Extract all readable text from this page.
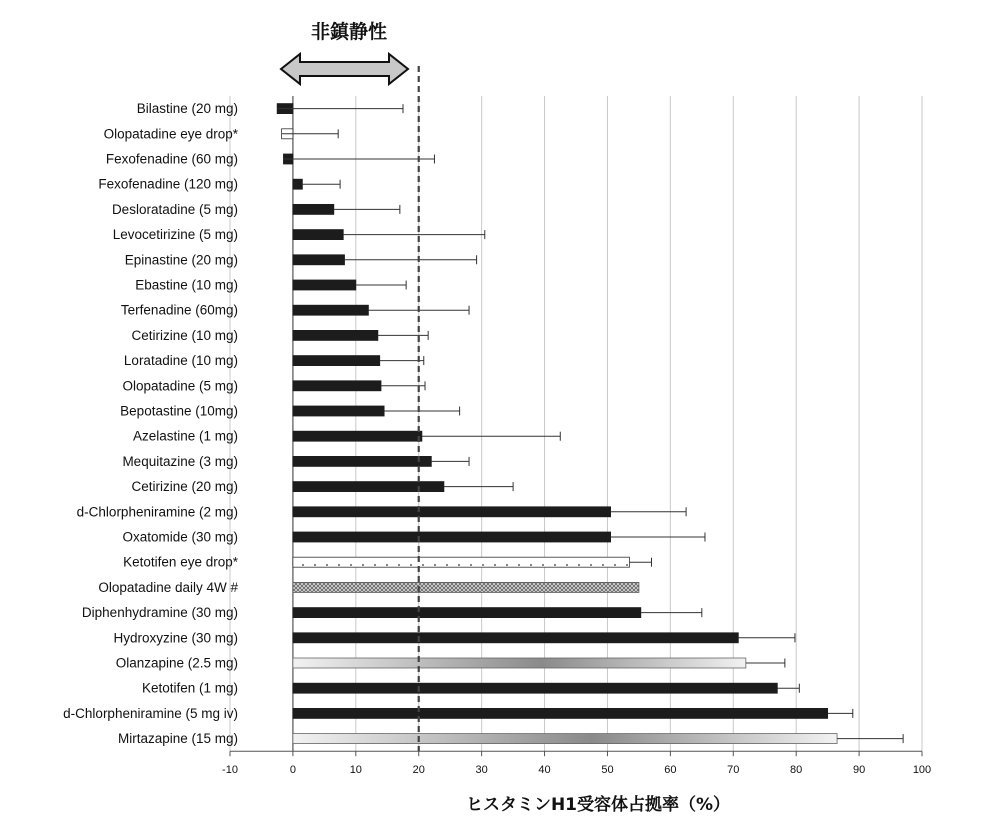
Bilastine (20 mg)
Olopatadine eye drop*
Fexofenadine (60 mg)
Fexofenadine (120 mg)
Desloratadine (5 mg)
Levocetirizine (5 mg)
Epinastine (20 mg)
Ebastine (10 mg)
Terfenadine (60mg)
Cetirizine (10 mg)
Loratadine (10 mg)
Olopatadine (5 mg)
Bepotastine (10mg)
Azelastine (1 mg)
Mequitazine (3 mg)
Cetirizine (20 mg)
d-Chlorpheniramine (2 mg)
Oxatomide (30 mg)
Ketotifen eye drop*
Olopatadine daily 4W #
Diphenhydramine (30 mg)
Hydroxyzine (30 mg)
Olanzapine (2.5 mg)
Ketotifen (1 mg)
d-Chlorpheniramine (5 mg iv)
Mirtazapine (15 mg)
-10	0	10	20	30	40	50	60	70	80	90	100
非鎮静性
ヒスタミンH1受容体占拠率（%）
